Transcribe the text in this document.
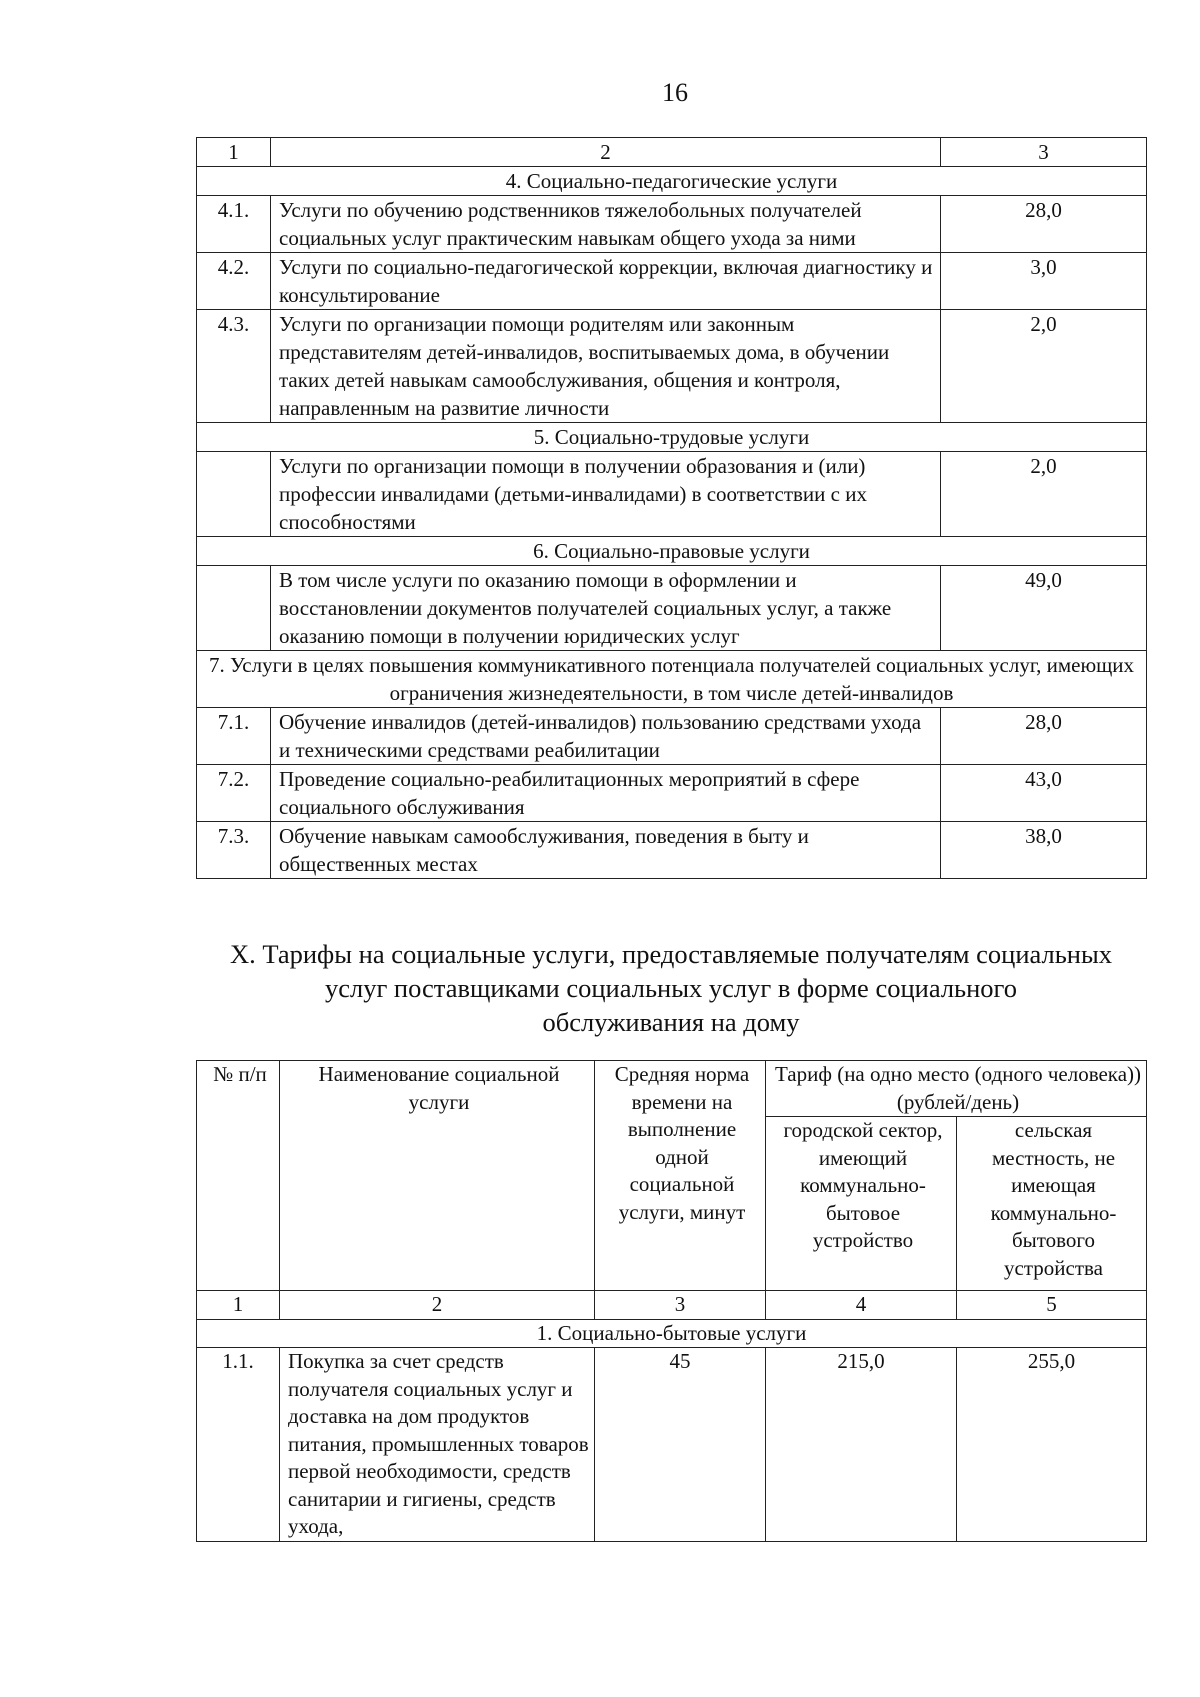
16
1	2	3
4. Социально-педагогические услуги		
4.1.	Услуги по обучению родственников тяжелобольных получателей социальных услуг практическим навыкам общего ухода за ними	28,0
4.2.	Услуги по социально-педагогической коррекции, включая диагностику и консультирование	3,0
4.3.	Услуги по организации помощи родителям или законным представителям детей-инвалидов, воспитываемых дома, в обучении таких детей навыкам самообслуживания, общения и контроля, направленным на развитие личности	2,0
5. Социально-трудовые услуги		
	Услуги по организации помощи в получении образования и (или) профессии инвалидами (детьми-инвалидами) в соответствии с их способностями	2,0
6. Социально-правовые услуги		
	В том числе услуги по оказанию помощи в оформлении и восстановлении документов получателей социальных услуг, а также оказанию помощи в получении юридических услуг	49,0
7. Услуги в целях повышения коммуникативного потенциала получателей социальных услуг, имеющих ограничения жизнедеятельности, в том числе детей-инвалидов		
7.1.	Обучение инвалидов (детей-инвалидов) пользованию средствами ухода и техническими средствами реабилитации	28,0
7.2.	Проведение социально-реабилитационных мероприятий в сфере социального обслуживания	43,0
7.3.	Обучение навыкам самообслуживания, поведения в быту и общественных местах	38,0
X. Тарифы на социальные услуги, предоставляемые получателям социальных
услуг поставщиками социальных услуг в форме социального
обслуживания на дому
№ п/п	Наименование социальной услуги	Средняя норма времени на выполнение одной социальной услуги, минут	Тариф (на одно место (одного человека)) (рублей/день)	
			городской сектор, имеющий коммунально-бытовое устройство	сельская местность, не имеющая коммунально-бытового устройства
1	2	3	4	5
1. Социально-бытовые услуги				
1.1.	Покупка за счет средств получателя социальных услуг и доставка на дом продуктов питания, промышленных товаров первой необходимости, средств санитарии и гигиены, средств ухода,	45	215,0	255,0
